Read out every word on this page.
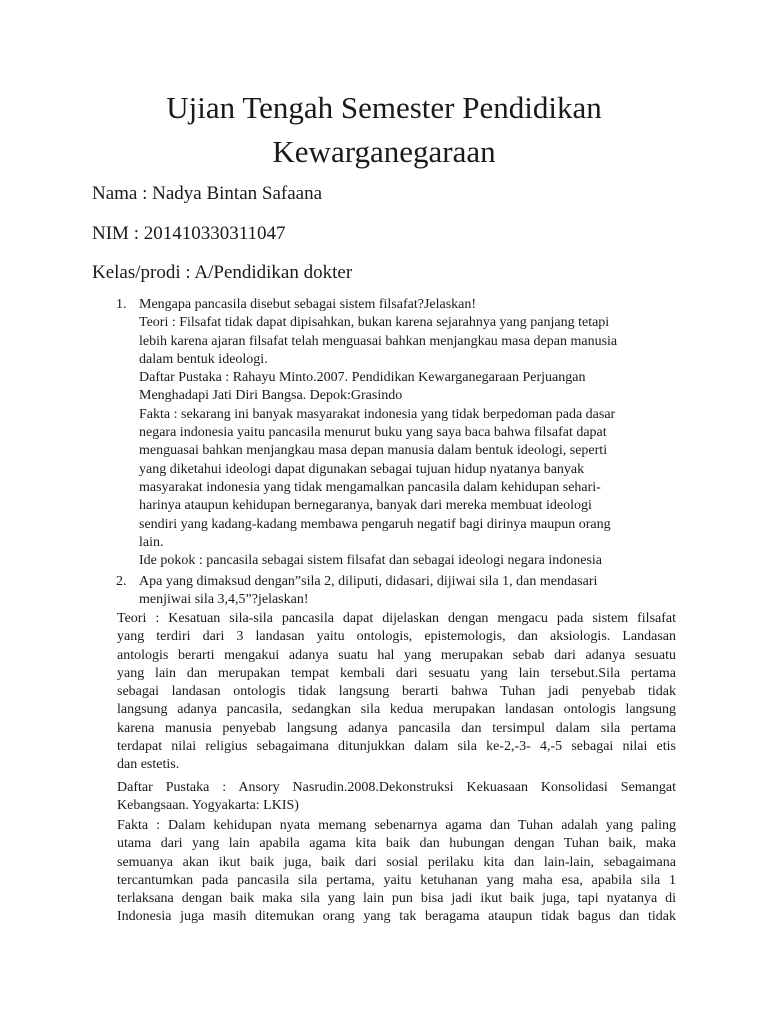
Ujian Tengah Semester Pendidikan
Kewarganegaraan

Nama : Nadya Bintan Safaana

NIM : 201410330311047

Kelas/prodi : A/Pendidikan dokter

1. Mengapa pancasila disebut sebagai sistem filsafat?Jelaskan!
Teori : Filsafat tidak dapat dipisahkan, bukan karena sejarahnya yang panjang tetapi
lebih karena ajaran filsafat telah menguasai bahkan menjangkau masa depan manusia
dalam bentuk ideologi.
Daftar Pustaka : Rahayu Minto.2007. Pendidikan Kewarganegaraan Perjuangan
Menghadapi Jati Diri Bangsa. Depok:Grasindo
Fakta : sekarang ini banyak masyarakat indonesia yang tidak berpedoman pada dasar
negara indonesia yaitu pancasila menurut buku yang saya baca bahwa filsafat dapat
menguasai bahkan menjangkau masa depan manusia dalam bentuk ideologi, seperti
yang diketahui ideologi dapat digunakan sebagai tujuan hidup nyatanya banyak
masyarakat indonesia yang tidak mengamalkan pancasila dalam kehidupan sehari-
harinya ataupun kehidupan bernegaranya, banyak dari mereka membuat ideologi
sendiri yang kadang-kadang membawa pengaruh negatif bagi dirinya maupun orang
lain.
Ide pokok : pancasila sebagai sistem filsafat dan sebagai ideologi negara indonesia
2. Apa yang dimaksud dengan”sila 2, diliputi, didasari, dijiwai sila 1, dan mendasari
menjiwai sila 3,4,5”?jelaskan!
Teori : Kesatuan sila-sila pancasila dapat dijelaskan dengan mengacu pada sistem filsafat
yang terdiri dari 3 landasan yaitu ontologis, epistemologis, dan aksiologis. Landasan
antologis berarti mengakui adanya suatu hal yang merupakan sebab dari adanya sesuatu
yang lain dan merupakan tempat kembali dari sesuatu yang lain tersebut.Sila pertama
sebagai landasan ontologis tidak langsung berarti bahwa Tuhan jadi penyebab tidak
langsung adanya pancasila, sedangkan sila kedua merupakan landasan ontologis langsung
karena manusia penyebab langsung adanya pancasila dan tersimpul dalam sila pertama
terdapat nilai religius sebagaimana ditunjukkan dalam sila ke-2,-3- 4,-5 sebagai nilai etis
dan estetis.
Daftar Pustaka : Ansory Nasrudin.2008.Dekonstruksi Kekuasaan Konsolidasi Semangat
Kebangsaan. Yogyakarta: LKIS)
Fakta : Dalam kehidupan nyata memang sebenarnya agama dan Tuhan adalah yang paling
utama dari yang lain apabila agama kita baik dan hubungan dengan Tuhan baik, maka
semuanya akan ikut baik juga, baik dari sosial perilaku kita dan lain-lain, sebagaimana
tercantumkan pada pancasila sila pertama, yaitu ketuhanan yang maha esa, apabila sila 1
terlaksana dengan baik maka sila yang lain pun bisa jadi ikut baik juga, tapi nyatanya di
Indonesia juga masih ditemukan orang yang tak beragama ataupun tidak bagus dan tidak
